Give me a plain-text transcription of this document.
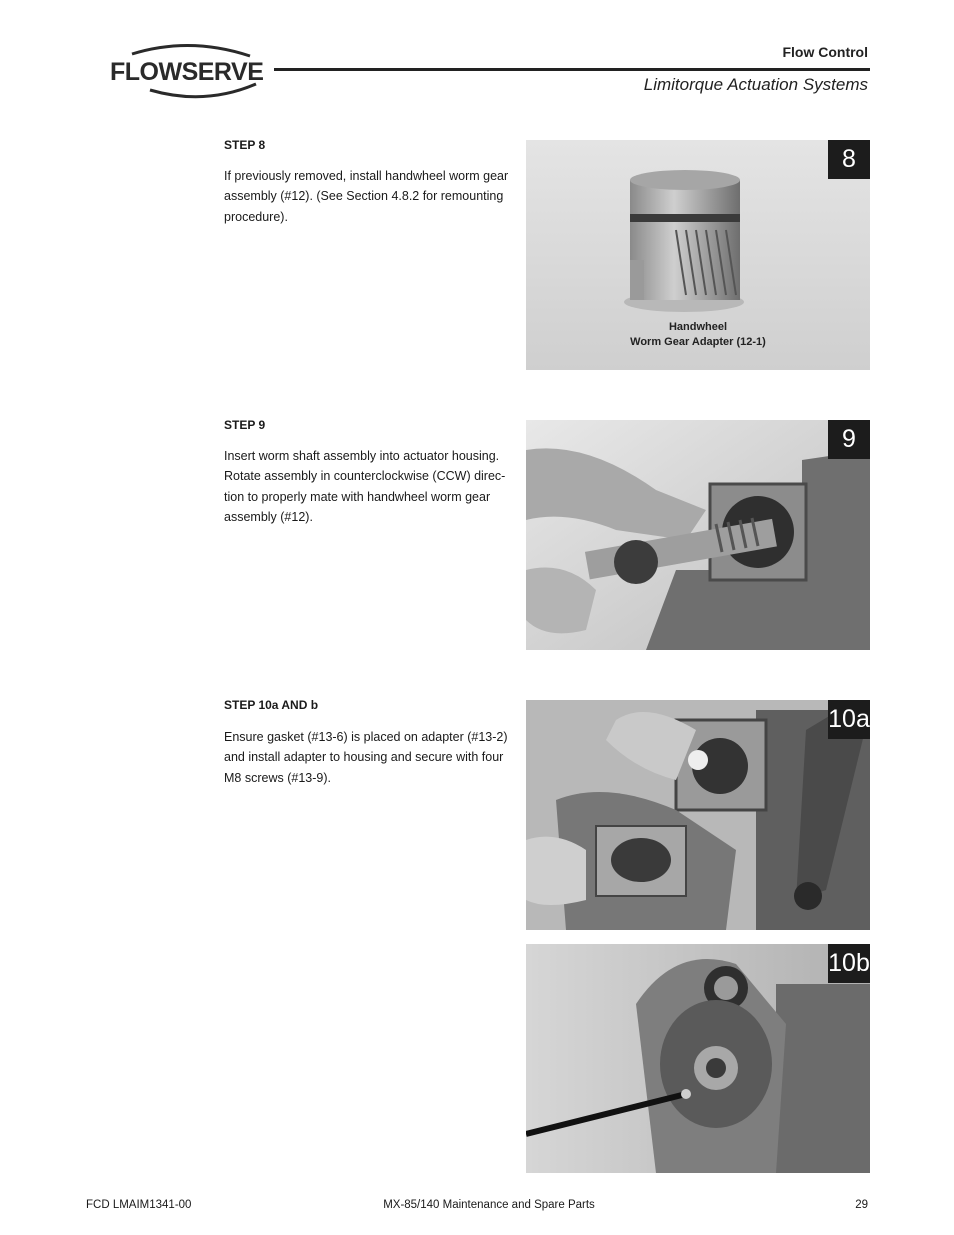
FLOWSERVE
Flow Control
Limitorque Actuation Systems
STEP 8
If previously removed, install handwheel worm gear
assembly (#12). (See Section 4.8.2 for remounting
procedure).
8
Handwheel
Worm Gear Adapter (12-1)
STEP 9
Insert worm shaft assembly into actuator housing.
Rotate assembly in counterclockwise (CCW) direc-
tion to properly mate with handwheel worm gear
assembly (#12).
9
STEP 10a AND b
Ensure gasket (#13-6) is placed on adapter (#13-2)
and install adapter to housing and secure with four
M8 screws (#13-9).
10a
10b
FCD LMAIM1341-00	MX-85/140 Maintenance and Spare Parts	29
